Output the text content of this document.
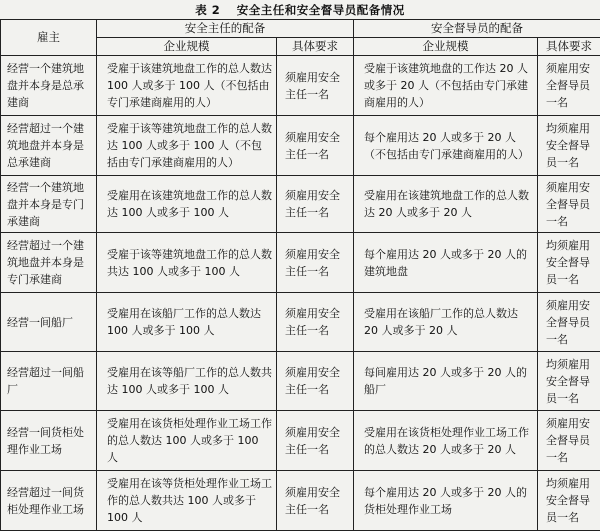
表 2 安全主任和安全督导员配备情况
雇主	安全主任的配备		安全督导员的配备	
	企业规模	具体要求	企业规模	具体要求
经营一个建筑地盘并本身是总承建商	受雇于该建筑地盘工作的总人数达 100 人或多于 100 人（不包括由专门承建商雇用的人）	须雇用安全主任一名	受雇于该建筑地盘的工作达 20 人或多于 20 人（不包括由专门承建商雇用的人）	须雇用安全督导员一名
经营超过一个建筑地盘并本身是总承建商	受雇于该等建筑地盘工作的总人数达 100 人或多于 100 人（不包括由专门承建商雇用的人）	须雇用安全主任一名	每个雇用达 20 人或多于 20 人（不包括由专门承建商雇用的人）	均须雇用安全督导员一名
经营一个建筑地盘并本身是专门承建商	受雇用在该建筑地盘工作的总人数达 100 人或多于 100 人	须雇用安全主任一名	受雇用在该建筑地盘工作的总人数达 20 人或多于 20 人	须雇用安全督导员一名
经营超过一个建筑地盘并本身是专门承建商	受雇于该等建筑地盘工作的总人数共达 100 人或多于 100 人	须雇用安全主任一名	每个雇用达 20 人或多于 20 人的建筑地盘	均须雇用安全督导员一名
经营一间船厂	受雇用在该船厂工作的总人数达 100 人或多于 100 人	须雇用安全主任一名	受雇用在该船厂工作的总人数达 20 人或多于 20 人	须雇用安全督导员一名
经营超过一间船厂	受雇用在该等船厂工作的总人数共达 100 人或多于 100 人	须雇用安全主任一名	每间雇用达 20 人或多于 20 人的船厂	均须雇用安全督导员一名
经营一间货柜处理作业工场	受雇用在该货柜处理作业工场工作的总人数达 100 人或多于 100 人	须雇用安全主任一名	受雇用在该货柜处理作业工场工作的总人数达 20 人或多于 20 人	须雇用安全督导员一名
经营超过一间货柜处理作业工场	受雇用在该等货柜处理作业工场工作的总人数共达 100 人或多于 100 人	须雇用安全主任一名	每个雇用达 20 人或多于 20 人的货柜处理作业工场	均须雇用安全督导员一名
